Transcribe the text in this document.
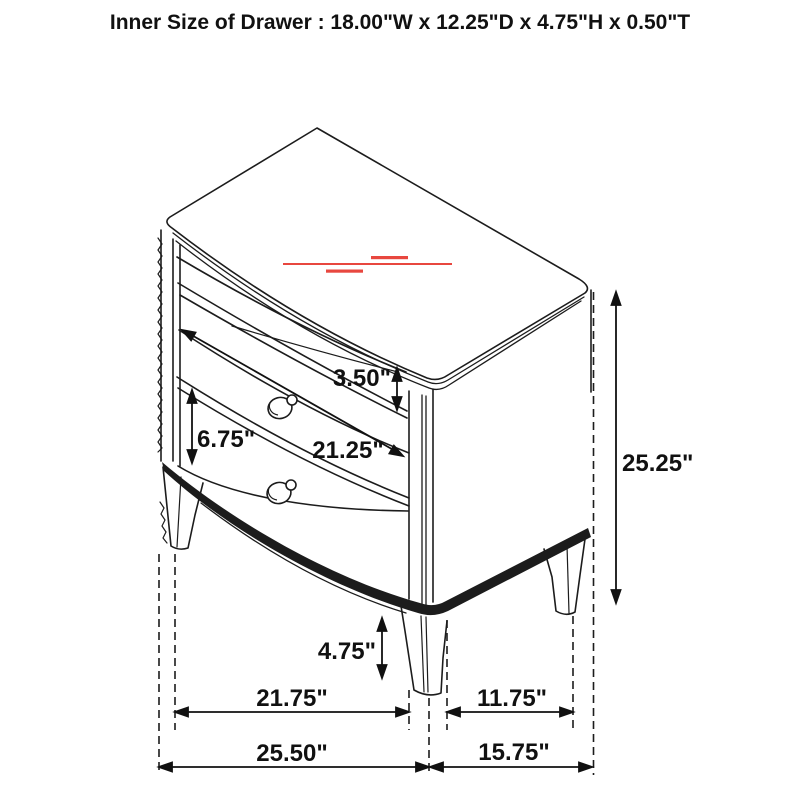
Inner Size of Drawer : 18.00"W x 12.25"D x 4.75"H x 0.50"T
3.50"
6.75" 21.25"	25.25"
4.75"
21.75"	11.75"
25.50"	15.75"
